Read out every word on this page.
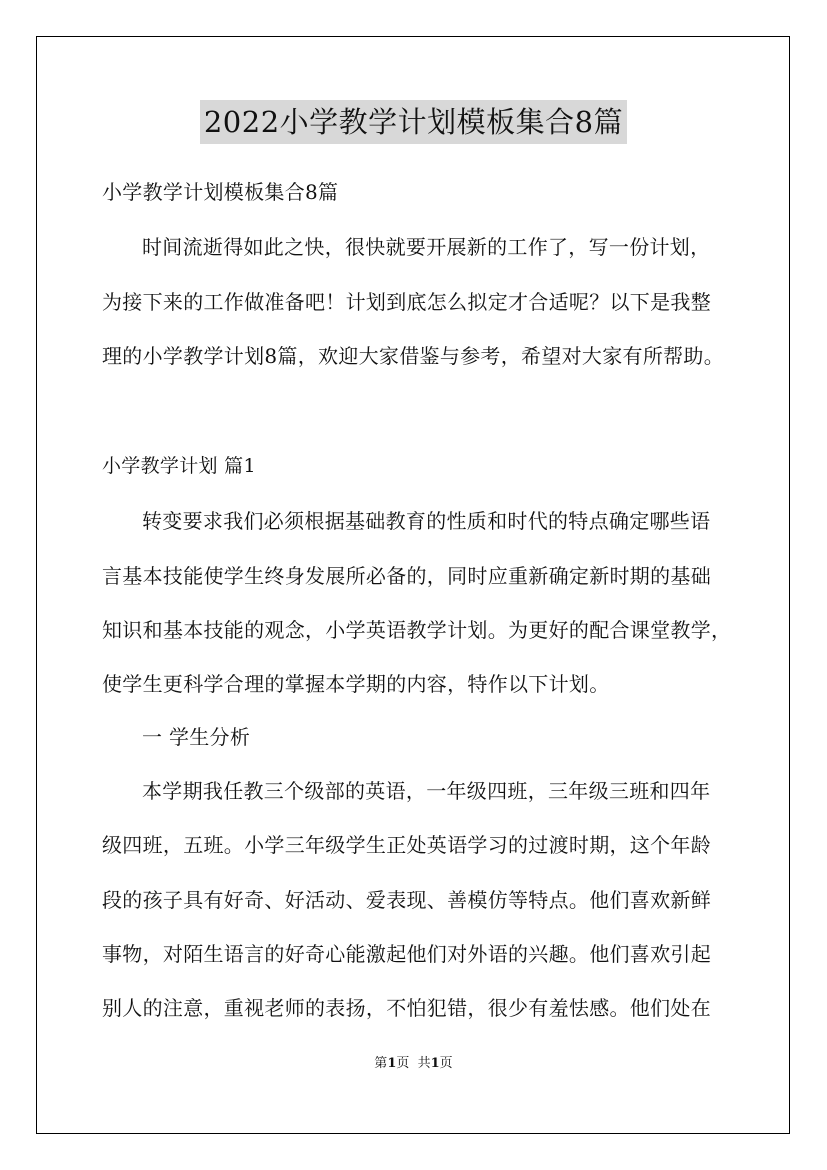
2022小学教学计划模板集合8篇
小学教学计划模板集合8篇
时间流逝得如此之快，很快就要开展新的工作了，写一份计划，
为接下来的工作做准备吧！计划到底怎么拟定才合适呢？以下是我整
理的小学教学计划8篇，欢迎大家借鉴与参考，希望对大家有所帮助。
小学教学计划 篇1
转变要求我们必须根据基础教育的性质和时代的特点确定哪些语
言基本技能使学生终身发展所必备的，同时应重新确定新时期的基础
知识和基本技能的观念，小学英语教学计划。为更好的配合课堂教学，
使学生更科学合理的掌握本学期的内容，特作以下计划。
一 学生分析
本学期我任教三个级部的英语，一年级四班，三年级三班和四年
级四班，五班。小学三年级学生正处英语学习的过渡时期，这个年龄
段的孩子具有好奇、好活动、爱表现、善模仿等特点。他们喜欢新鲜
事物，对陌生语言的好奇心能激起他们对外语的兴趣。他们喜欢引起
别人的注意，重视老师的表扬，不怕犯错，很少有羞怯感。他们处在
第1页  共1页
